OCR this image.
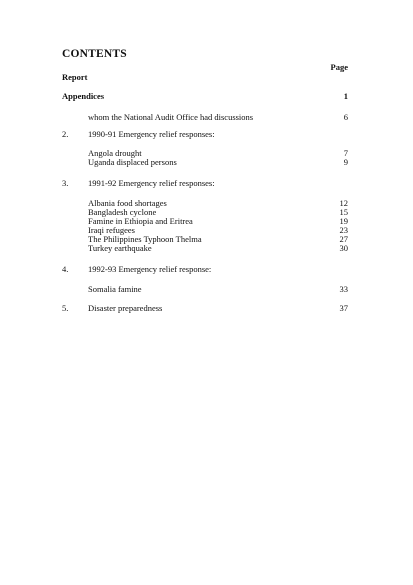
CONTENTS
Page
Report
Appendices	1
whom the National Audit Office had discussions	6
2. 1990-91 Emergency relief responses:
Angola drought	7
Uganda displaced persons	9
3. 1991-92 Emergency relief responses:
Albania food shortages	12
Bangladesh cyclone	15
Famine in Ethiopia and Eritrea	19
Iraqi refugees	23
The Philippines Typhoon Thelma	27
Turkey earthquake	30
4. 1992-93 Emergency relief response:
Somalia famine	33
5. Disaster preparedness	37
